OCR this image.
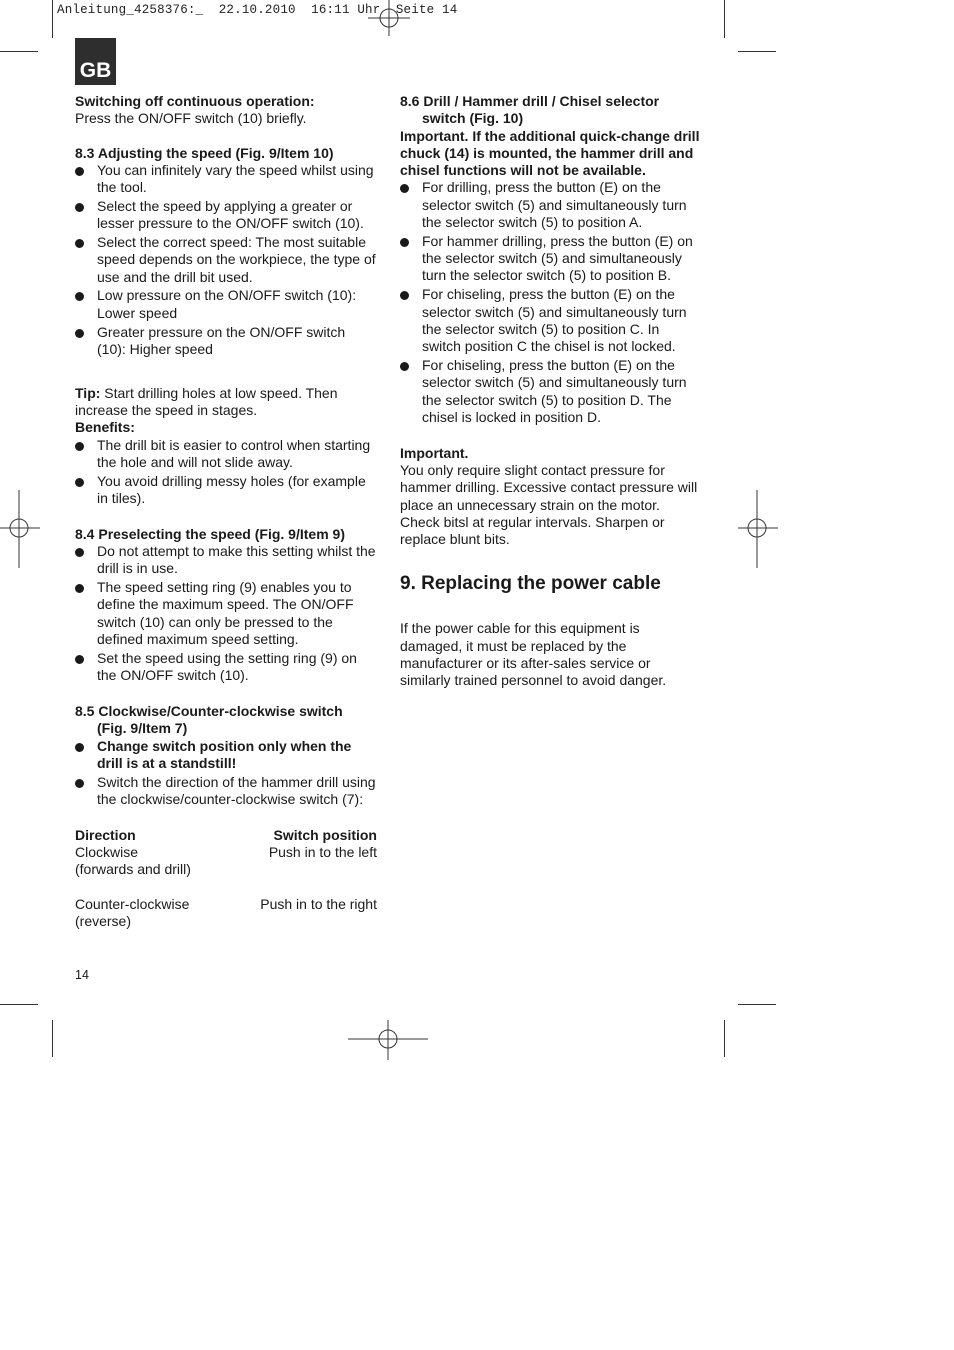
Anleitung_4258376:_  22.10.2010  16:11 Uhr  Seite 14
GB

Switching off continuous operation:

Press the ON/OFF switch (10) briefly.

8.3 Adjusting the speed (Fig. 9/Item 10)

You can infinitely vary the speed whilst using the tool.
Select the speed by applying a greater or lesser pressure to the ON/OFF switch (10).
Select the correct speed: The most suitable speed depends on the workpiece, the type of use and the drill bit used.
Low pressure on the ON/OFF switch (10): Lower speed
Greater pressure on the ON/OFF switch (10): Higher speed

Tip: Start drilling holes at low speed. Then increase the speed in stages.

Benefits:

The drill bit is easier to control when starting the hole and will not slide away.
You avoid drilling messy holes (for example in tiles).

8.4 Preselecting the speed (Fig. 9/Item 9)

Do not attempt to make this setting whilst the drill is in use.
The speed setting ring (9) enables you to define the maximum speed. The ON/OFF switch (10) can only be pressed to the defined maximum speed setting.
Set the speed using the setting ring (9) on the ON/OFF switch (10).

8.5 Clockwise/Counter-clockwise switch

(Fig. 9/Item 7)

Change switch position only when the drill is at a standstill!
Switch the direction of the hammer drill using the clockwise/counter-clockwise switch (7):
Direction	Switch position
Clockwise	Push in to the left
(forwards and drill)
Counter-clockwise	Push in to the right
(reverse)

8.6 Drill / Hammer drill / Chisel selector

switch (Fig. 10)

Important. If the additional quick-change drill chuck (14) is mounted, the hammer drill and chisel functions will not be available.

For drilling, press the button (E) on the selector switch (5) and simultaneously turn the selector switch (5) to position A.
For hammer drilling, press the button (E) on the selector switch (5) and simultaneously turn the selector switch (5) to position B.
For chiseling, press the button (E) on the selector switch (5) and simultaneously turn the selector switch (5) to position C. In switch position C the chisel is not locked.
For chiseling, press the button (E) on the selector switch (5) and simultaneously turn the selector switch (5) to position D. The chisel is locked in position D.

Important.

You only require slight contact pressure for hammer drilling. Excessive contact pressure will place an unnecessary strain on the motor. Check bitsl at regular intervals. Sharpen or replace blunt bits.

9. Replacing the power cable

If the power cable for this equipment is damaged, it must be replaced by the manufacturer or its after-sales service or similarly trained personnel to avoid danger.

14
